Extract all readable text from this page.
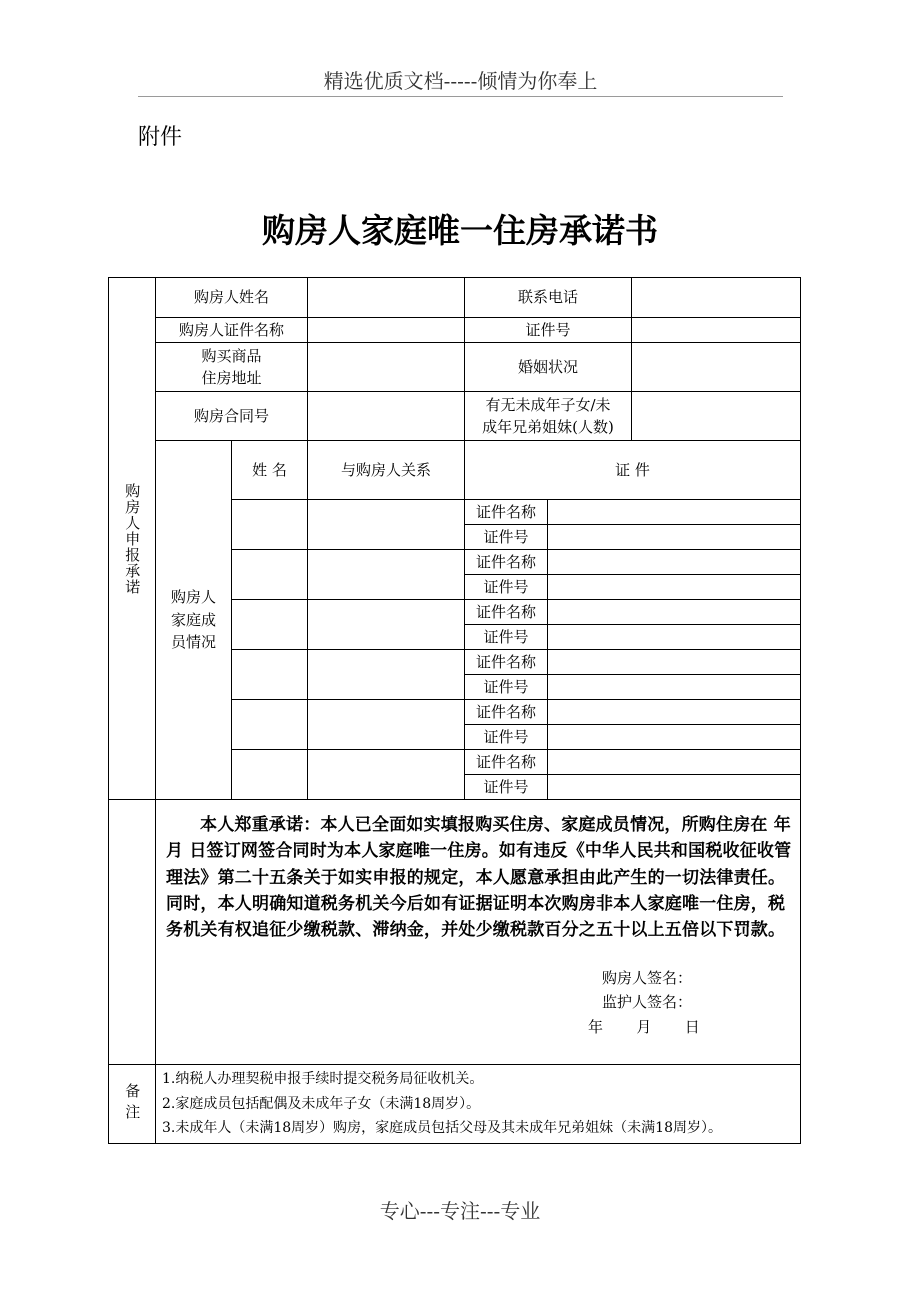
精选优质文档-----倾情为你奉上
附件
购房人家庭唯一住房承诺书
购房人申报承诺	购房人姓名			联系电话		
	购房人证件名称			证件号		

	购买商品
住房地址			婚姻状况		
	购房合同号			有无未成年子女/未
成年兄弟姐妹(人数)		

	购房人
家庭成
员情况	姓 名	与购房人关系	证 件		
				证件名称		
				证件号		
				证件名称		
				证件号		
				证件名称		
				证件号		
				证件名称		
				证件号		
				证件名称		
				证件号		
				证件名称		
				证件号		

	本人郑重承诺：本人已全面如实填报购买住房、家庭成员情况，所购住房在 年 月 日签订网签合同时为本人家庭唯一住房。如有违反《中华人民共和国税收征收管理法》第二十五条关于如实申报的规定，本人愿意承担由此产生的一切法律责任。同时，本人明确知道税务机关今后如有证据证明本次购房非本人家庭唯一住房，税务机关有权追征少缴税款、滞纳金，并处少缴税款百分之五十以上五倍以下罚款。

购房人签名：
监护人签名：
年       月       日					

备注	1.纳税人办理契税申报手续时提交税务局征收机关。
2.家庭成员包括配偶及未成年子女（未满18周岁）。
3.未成年人（未满18周岁）购房，家庭成员包括父母及其未成年兄弟姐妹（未满18周岁）。					
专心---专注---专业
